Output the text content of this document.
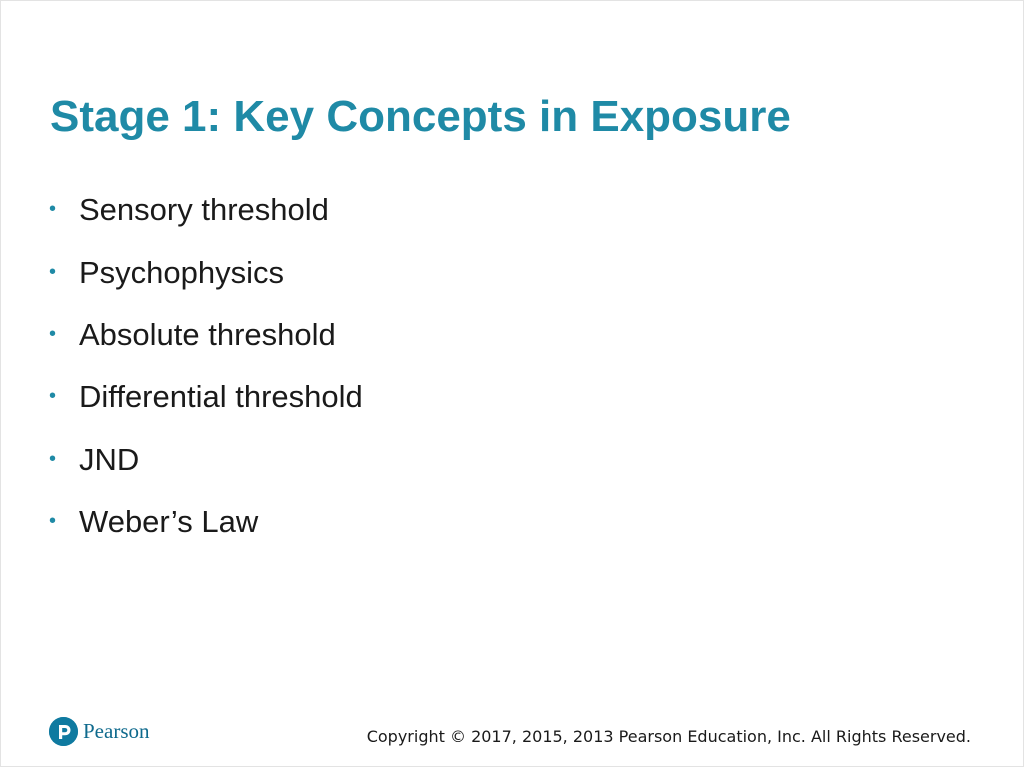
Stage 1: Key Concepts in Exposure
• Sensory threshold
• Psychophysics
• Absolute threshold
• Differential threshold
• JND
• Weber’s Law
Pearson	Copyright © 2017, 2015, 2013 Pearson Education, Inc. All Rights Reserved.
